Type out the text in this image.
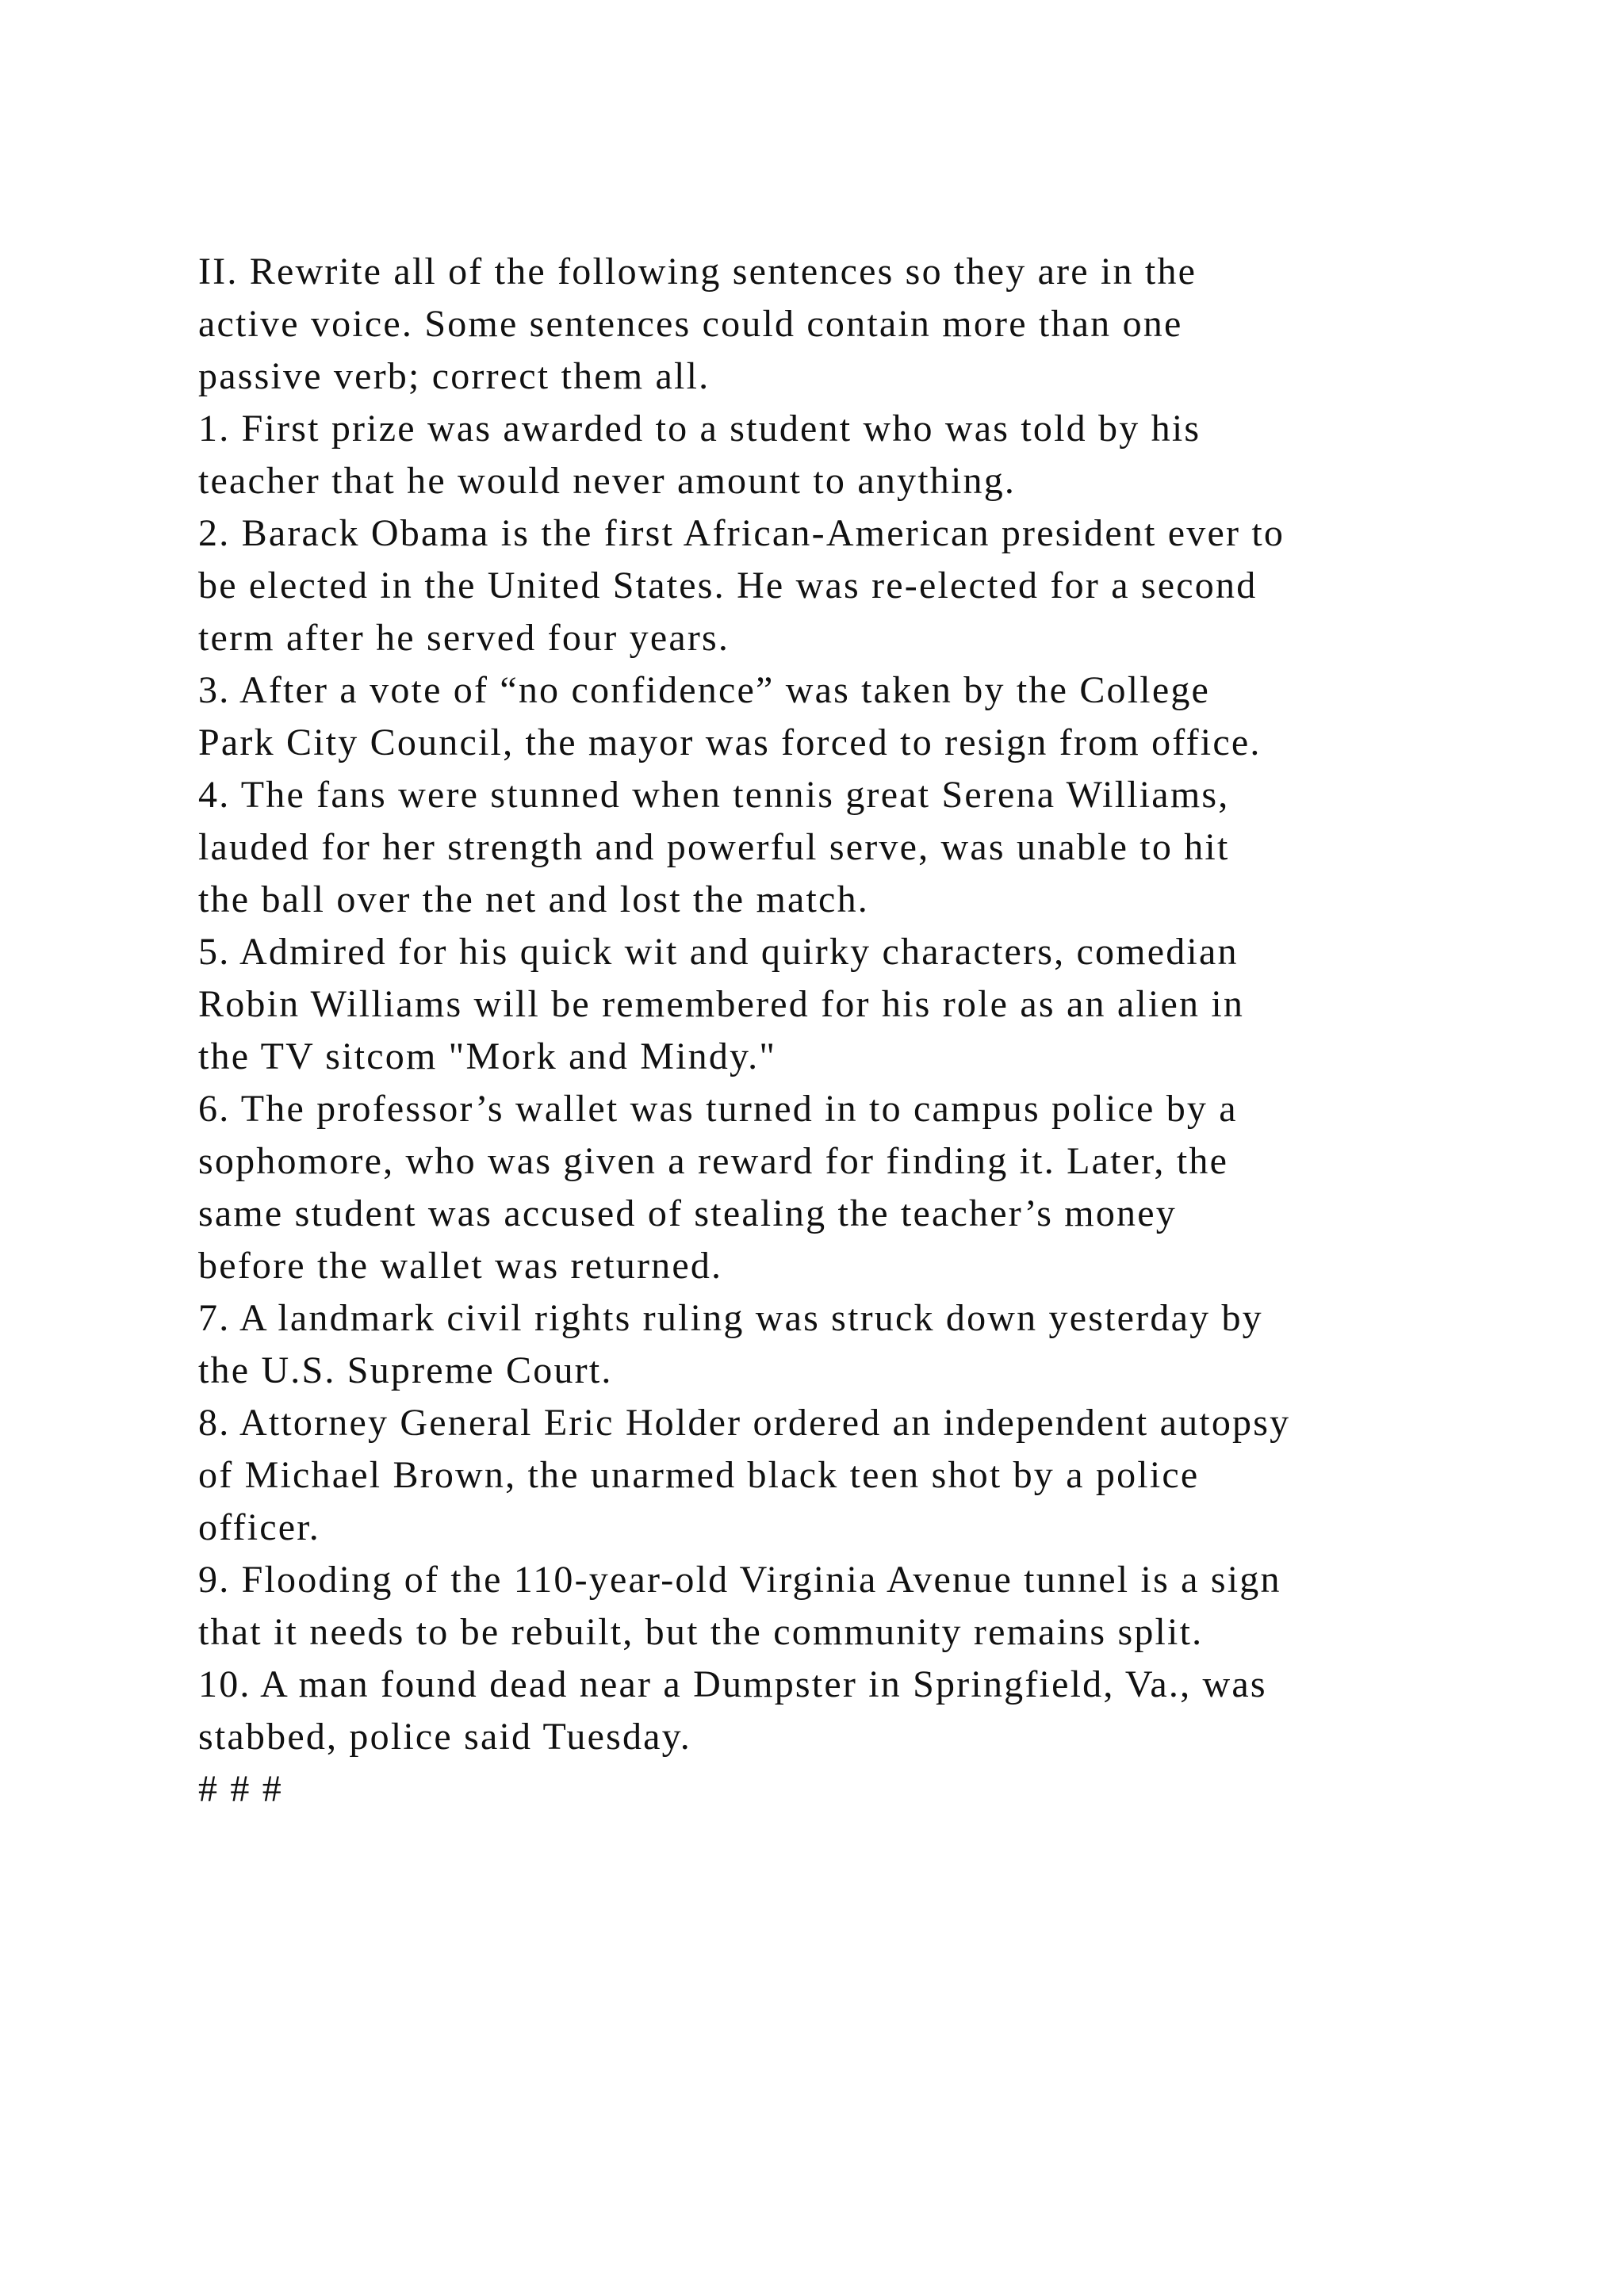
II. Rewrite all of the following sentences so they are in the
active voice. Some sentences could contain more than one
passive verb; correct them all.
1. First prize was awarded to a student who was told by his
teacher that he would never amount to anything.
2. Barack Obama is the first African-American president ever to
be elected in the United States. He was re-elected for a second
term after he served four years.
3. After a vote of “no confidence” was taken by the College
Park City Council, the mayor was forced to resign from office.
4. The fans were stunned when tennis great Serena Williams,
lauded for her strength and powerful serve, was unable to hit
the ball over the net and lost the match.
5. Admired for his quick wit and quirky characters, comedian
Robin Williams will be remembered for his role as an alien in
the TV sitcom "Mork and Mindy."
6. The professor’s wallet was turned in to campus police by a
sophomore, who was given a reward for finding it. Later, the
same student was accused of stealing the teacher’s money
before the wallet was returned.
7. A landmark civil rights ruling was struck down yesterday by
the U.S. Supreme Court.
8. Attorney General Eric Holder ordered an independent autopsy
of Michael Brown, the unarmed black teen shot by a police
officer.
9. Flooding of the 110-year-old Virginia Avenue tunnel is a sign
that it needs to be rebuilt, but the community remains split.
10. A man found dead near a Dumpster in Springfield, Va., was
stabbed, police said Tuesday.
# # #
